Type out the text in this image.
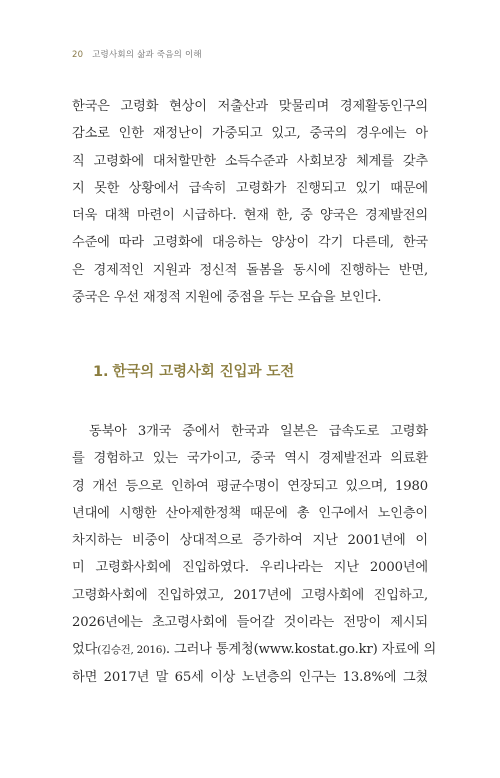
20 고령사회의 삶과 죽음의 이해
한국은 고령화 현상이 저출산과 맞물리며 경제활동인구의
감소로 인한 재정난이 가중되고 있고, 중국의 경우에는 아
직 고령화에 대처할만한 소득수준과 사회보장 체계를 갖추
지 못한 상황에서 급속히 고령화가 진행되고 있기 때문에
더욱 대책 마련이 시급하다. 현재 한, 중 양국은 경제발전의
수준에 따라 고령화에 대응하는 양상이 각기 다른데, 한국
은 경제적인 지원과 정신적 돌봄을 동시에 진행하는 반면,
중국은 우선 재정적 지원에 중점을 두는 모습을 보인다.
1. 한국의 고령사회 진입과 도전
동북아 3개국 중에서 한국과 일본은 급속도로 고령화
를 경험하고 있는 국가이고, 중국 역시 경제발전과 의료환
경 개선 등으로 인하여 평균수명이 연장되고 있으며, 1980
년대에 시행한 산아제한정책 때문에 총 인구에서 노인층이
차지하는 비중이 상대적으로 증가하여 지난 2001년에 이
미 고령화사회에 진입하였다. 우리나라는 지난 2000년에
고령화사회에 진입하였고, 2017년에 고령사회에 진입하고,
2026년에는 초고령사회에 들어갈 것이라는 전망이 제시되
었다(김승건, 2016). 그러나 통계청(www.kostat.go.kr) 자료에 의
하면 2017년 말 65세 이상 노년층의 인구는 13.8%에 그쳤
